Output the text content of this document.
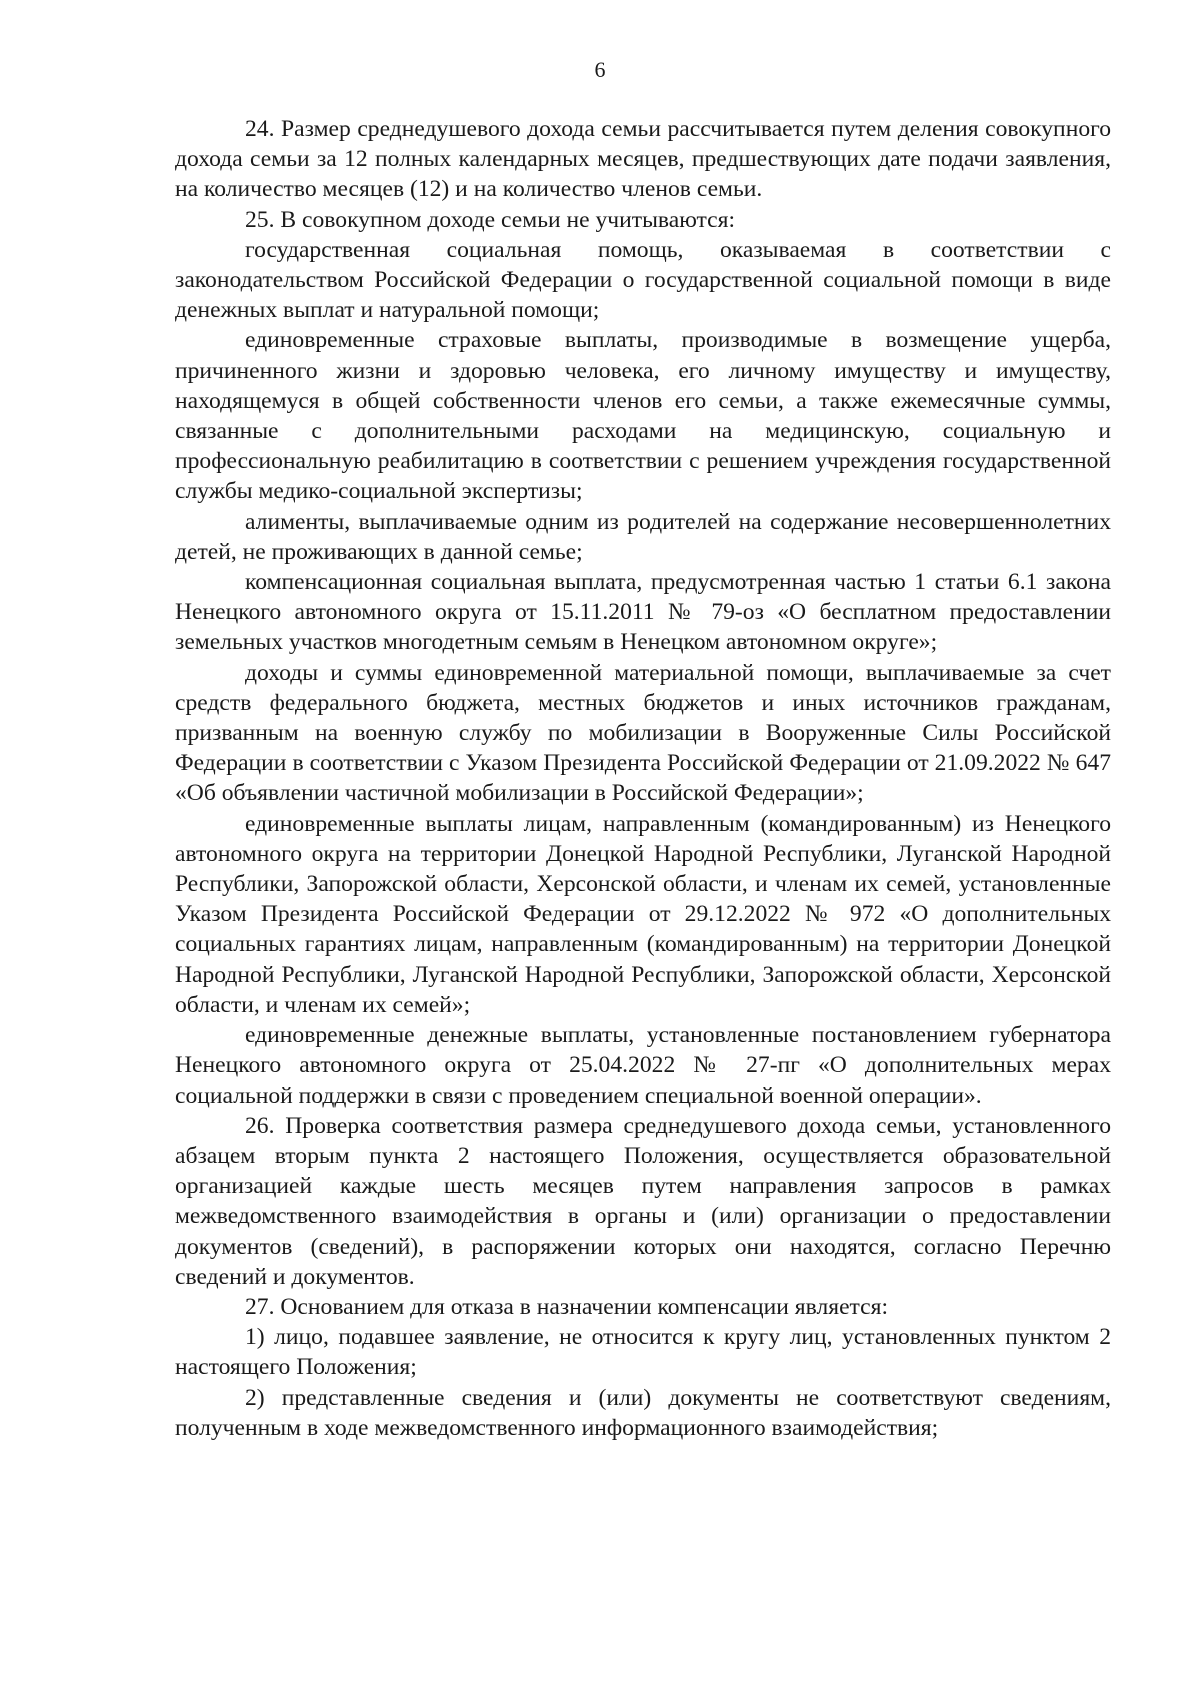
6

24. Размер среднедушевого дохода семьи рассчитывается путем деления совокупного дохода семьи за 12 полных календарных месяцев, предшествующих дате подачи заявления, на количество месяцев (12) и на количество членов семьи.

25. В совокупном доходе семьи не учитываются:

государственная социальная помощь, оказываемая в соответствии с законодательством Российской Федерации о государственной социальной помощи в виде денежных выплат и натуральной помощи;

единовременные страховые выплаты, производимые в возмещение ущерба, причиненного жизни и здоровью человека, его личному имуществу и имуществу, находящемуся в общей собственности членов его семьи, а также ежемесячные суммы, связанные с дополнительными расходами на медицинскую, социальную и профессиональную реабилитацию в соответствии с решением учреждения государственной службы медико-социальной экспертизы;

алименты, выплачиваемые одним из родителей на содержание несовершеннолетних детей, не проживающих в данной семье;

компенсационная социальная выплата, предусмотренная частью 1 статьи 6.1 закона Ненецкого автономного округа от 15.11.2011 № 79-оз «О бесплатном предоставлении земельных участков многодетным семьям в Ненецком автономном округе»;

доходы и суммы единовременной материальной помощи, выплачиваемые за счет средств федерального бюджета, местных бюджетов и иных источников гражданам, призванным на военную службу по мобилизации в Вооруженные Силы Российской Федерации в соответствии с Указом Президента Российской Федерации от 21.09.2022 № 647 «Об объявлении частичной мобилизации в Российской Федерации»;

единовременные выплаты лицам, направленным (командированным) из Ненецкого автономного округа на территории Донецкой Народной Республики, Луганской Народной Республики, Запорожской области, Херсонской области, и членам их семей, установленные Указом Президента Российской Федерации от 29.12.2022 № 972 «О дополнительных социальных гарантиях лицам, направленным (командированным) на территории Донецкой Народной Республики, Луганской Народной Республики, Запорожской области, Херсонской области, и членам их семей»;

единовременные денежные выплаты, установленные постановлением губернатора Ненецкого автономного округа от 25.04.2022 № 27-пг «О дополнительных мерах социальной поддержки в связи с проведением специальной военной операции».

26. Проверка соответствия размера среднедушевого дохода семьи, установленного абзацем вторым пункта 2 настоящего Положения, осуществляется образовательной организацией каждые шесть месяцев путем направления запросов в рамках межведомственного взаимодействия в органы и (или) организации о предоставлении документов (сведений), в распоряжении которых они находятся, согласно Перечню сведений и документов.

27. Основанием для отказа в назначении компенсации является:

1) лицо, подавшее заявление, не относится к кругу лиц, установленных пунктом 2 настоящего Положения;

2) представленные сведения и (или) документы не соответствуют сведениям, полученным в ходе межведомственного информационного взаимодействия;
